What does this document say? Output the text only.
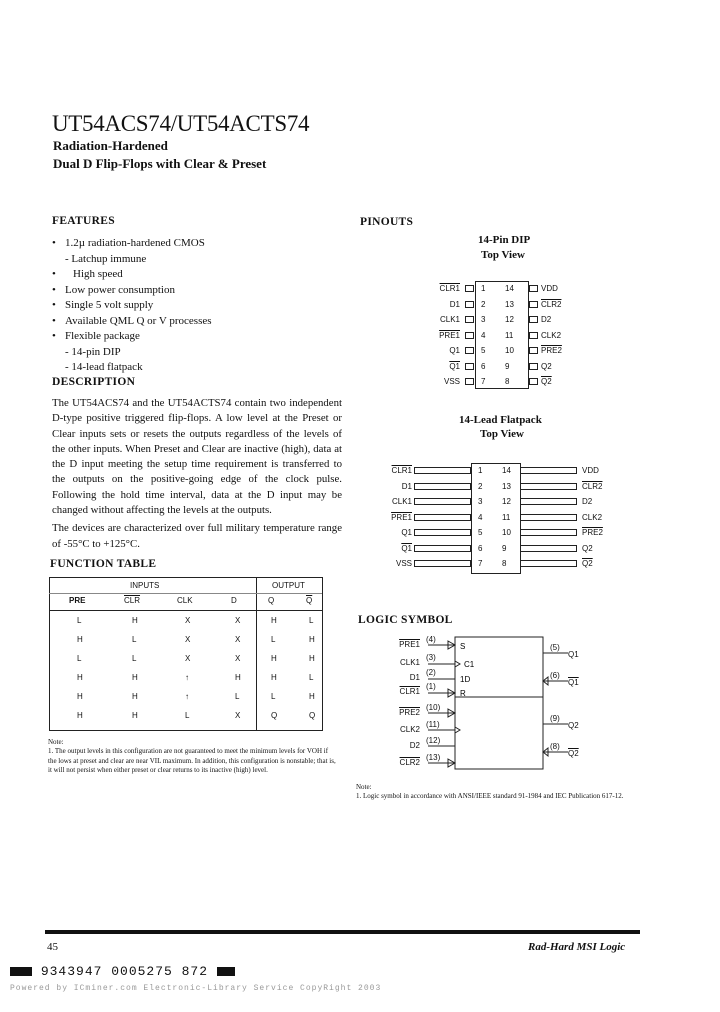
UT54ACS74/UT54ACTS74
Radiation-Hardened
Dual D Flip-Flops with Clear & Preset
FEATURES
• 1.2µ radiation-hardened CMOS
- Latchup immune
• High speed
• Low power consumption
• Single 5 volt supply
• Available QML Q or V processes
• Flexible package
- 14-pin DIP
- 14-lead flatpack
DESCRIPTION

The UT54ACS74 and the UT54ACTS74 contain two independent D-type positive triggered flip-flops. A low level at the Preset or Clear inputs sets or resets the outputs regardless of the levels of the other inputs. When Preset and Clear are inactive (high), data at the D input meeting the setup time requirement is transferred to the outputs on the positive-going edge of the clock pulse. Following the hold time interval, data at the D input may be changed without affecting the levels at the outputs.

The devices are characterized over full military temperature range of -55°C to +125°C.

FUNCTION TABLE
INPUTS	OUTPUT
PRE	$\overline{CLR}$	CLK	D	Q	$\overline{Q}$
L	H	X	X	H	L
H	L	X	X	L	H
L	L	X	X	H	H
H	H	↑	H	H	L
H	H	↑	L	L	H
H	H	L	X	Q	Q
Note:
1. The output levels in this configuration are not guaranteed to meet the minimum levels for VOH if the lows at preset and clear are near VIL maximum. In addition, this configuration is nonstable; that is, it will not persist when either preset or clear returns to its inactive (high) level.
PINOUTS
14-Pin DIP
Top View
CLR1	1 14	VDD
D1	2 13	CLR2
CLK1	3 12	D2
PRE1	4 11	CLK2
Q1	5 10	PRE2
Q1	6 9	Q2
VSS	7 8	Q2
14-Lead Flatpack
Top View
CLR1	1 14	VDD
D1	2 13	CLR2
CLK1	3 12	D2
PRE1	4 11	CLK2
Q1	5 10	PRE2
Q1	6 9	Q2
VSS	7 8	Q2
LOGIC SYMBOL
S
C1
1D
R
PRE1
(4)
CLK1
(3)
D1
(2)
CLR1
(1)
PRE2
(10)
CLK2
(11)
D2
(12)
CLR2
(13)
(5)
Q1
(6)
Q1
(9)
Q2
(8)
Q2
Note:
1. Logic symbol in accordance with ANSI/IEEE standard 91-1984 and IEC Publication 617-12.
45	Rad-Hard MSI Logic
9343947 0005275 872
Powered by ICminer.com Electronic-Library Service CopyRight 2003
